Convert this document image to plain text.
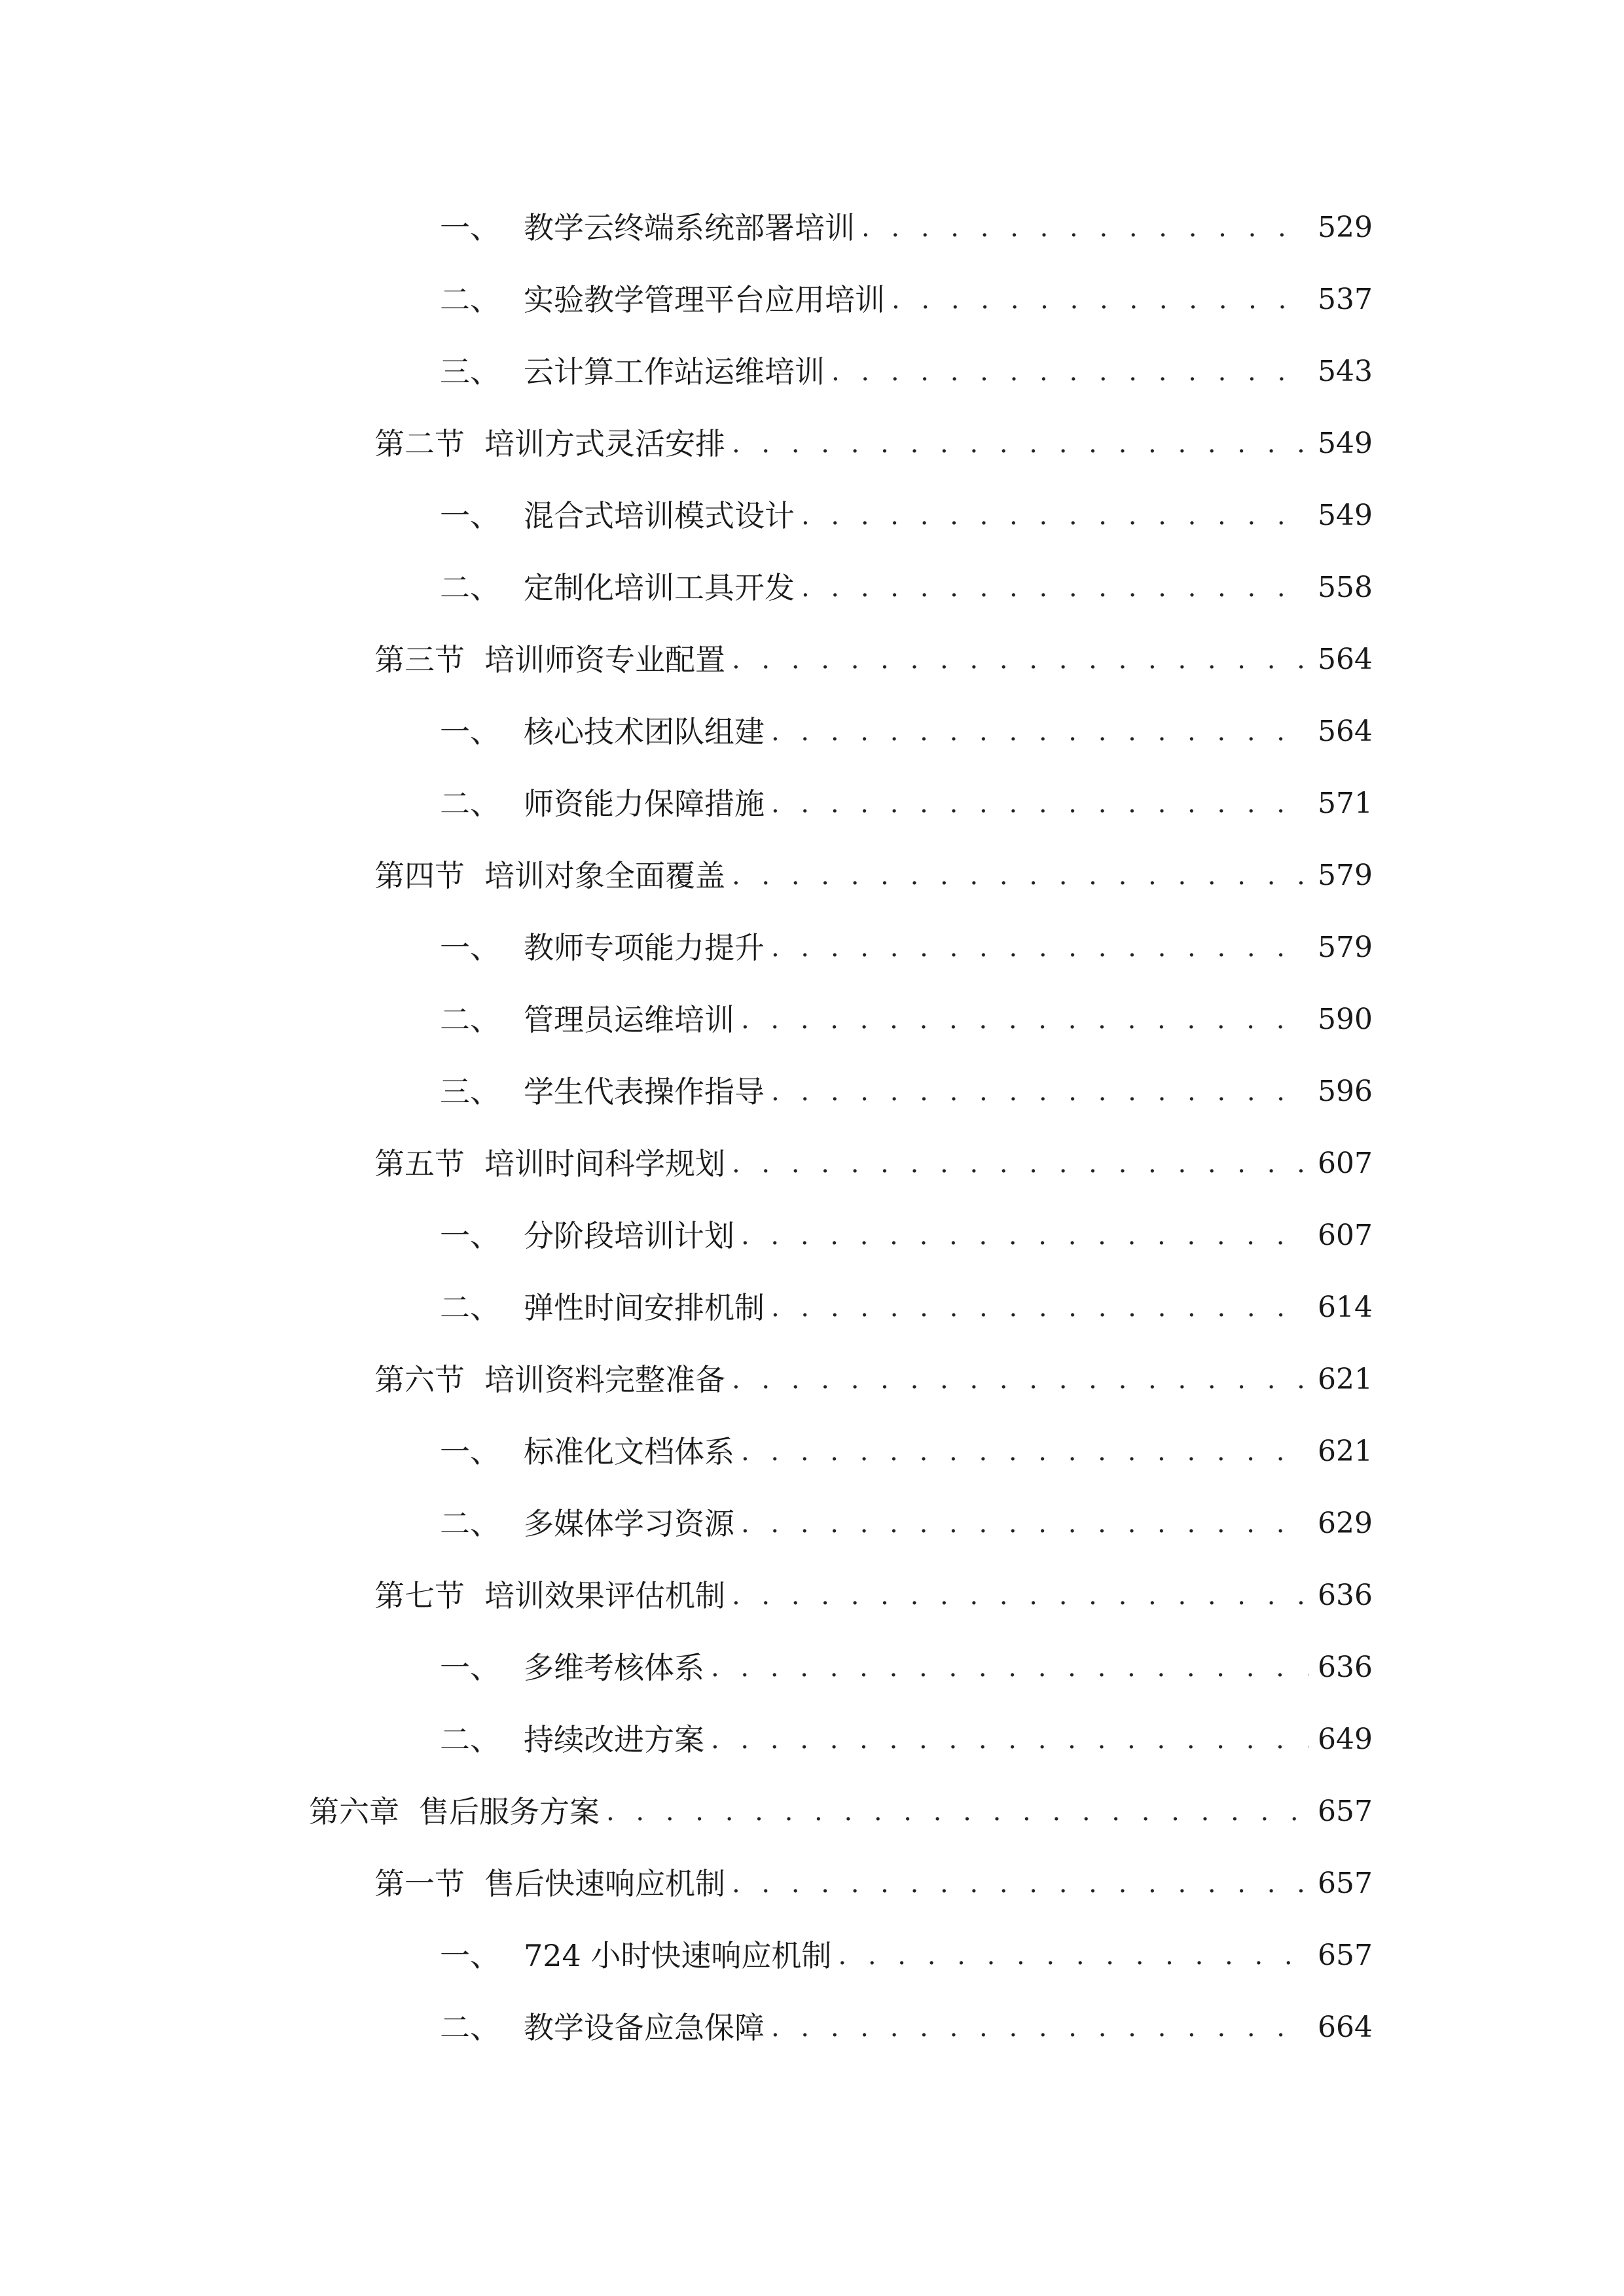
一、 教学云终端系统部署培训 . . .	529
二、 实验教学管理平台应用培训 . . .	537
三、 云计算工作站运维培训 . . .	543
第二节 培训方式灵活安排 . . .	549
一、 混合式培训模式设计 . . .	549
二、 定制化培训工具开发 . . .	558
第三节 培训师资专业配置 . . .	564
一、 核心技术团队组建 . . .	564
二、 师资能力保障措施 . . .	571
第四节 培训对象全面覆盖 . . .	579
一、 教师专项能力提升 . . .	579
二、 管理员运维培训 . . .	590
三、 学生代表操作指导 . . .	596
第五节 培训时间科学规划 . . .	607
一、 分阶段培训计划 . . .	607
二、 弹性时间安排机制 . . .	614
第六节 培训资料完整准备 . . .	621
一、 标准化文档体系 . . .	621
二、 多媒体学习资源 . . .	629
第七节 培训效果评估机制 . . .	636
一、 多维考核体系 . . .	636
二、 持续改进方案 . . .	649
第六章 售后服务方案 . . .	657
第一节 售后快速响应机制 . . .	657
一、 724 小时快速响应机制 . . .	657
二、 教学设备应急保障 . . .	664
